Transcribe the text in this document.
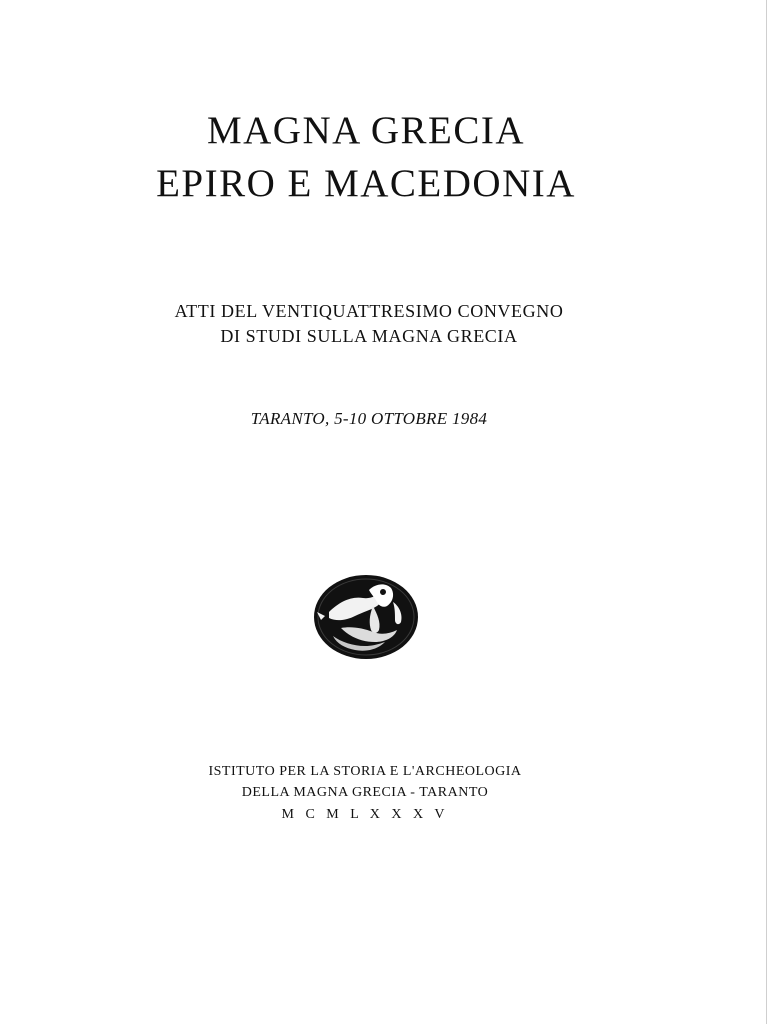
MAGNA GRECIA
EPIRO E MACEDONIA
ATTI DEL VENTIQUATTRESIMO CONVEGNO
DI STUDI SULLA MAGNA GRECIA
TARANTO, 5-10 OTTOBRE 1984
ISTITUTO PER LA STORIA E L'ARCHEOLOGIA
DELLA MAGNA GRECIA - TARANTO
M C M L X X X V
